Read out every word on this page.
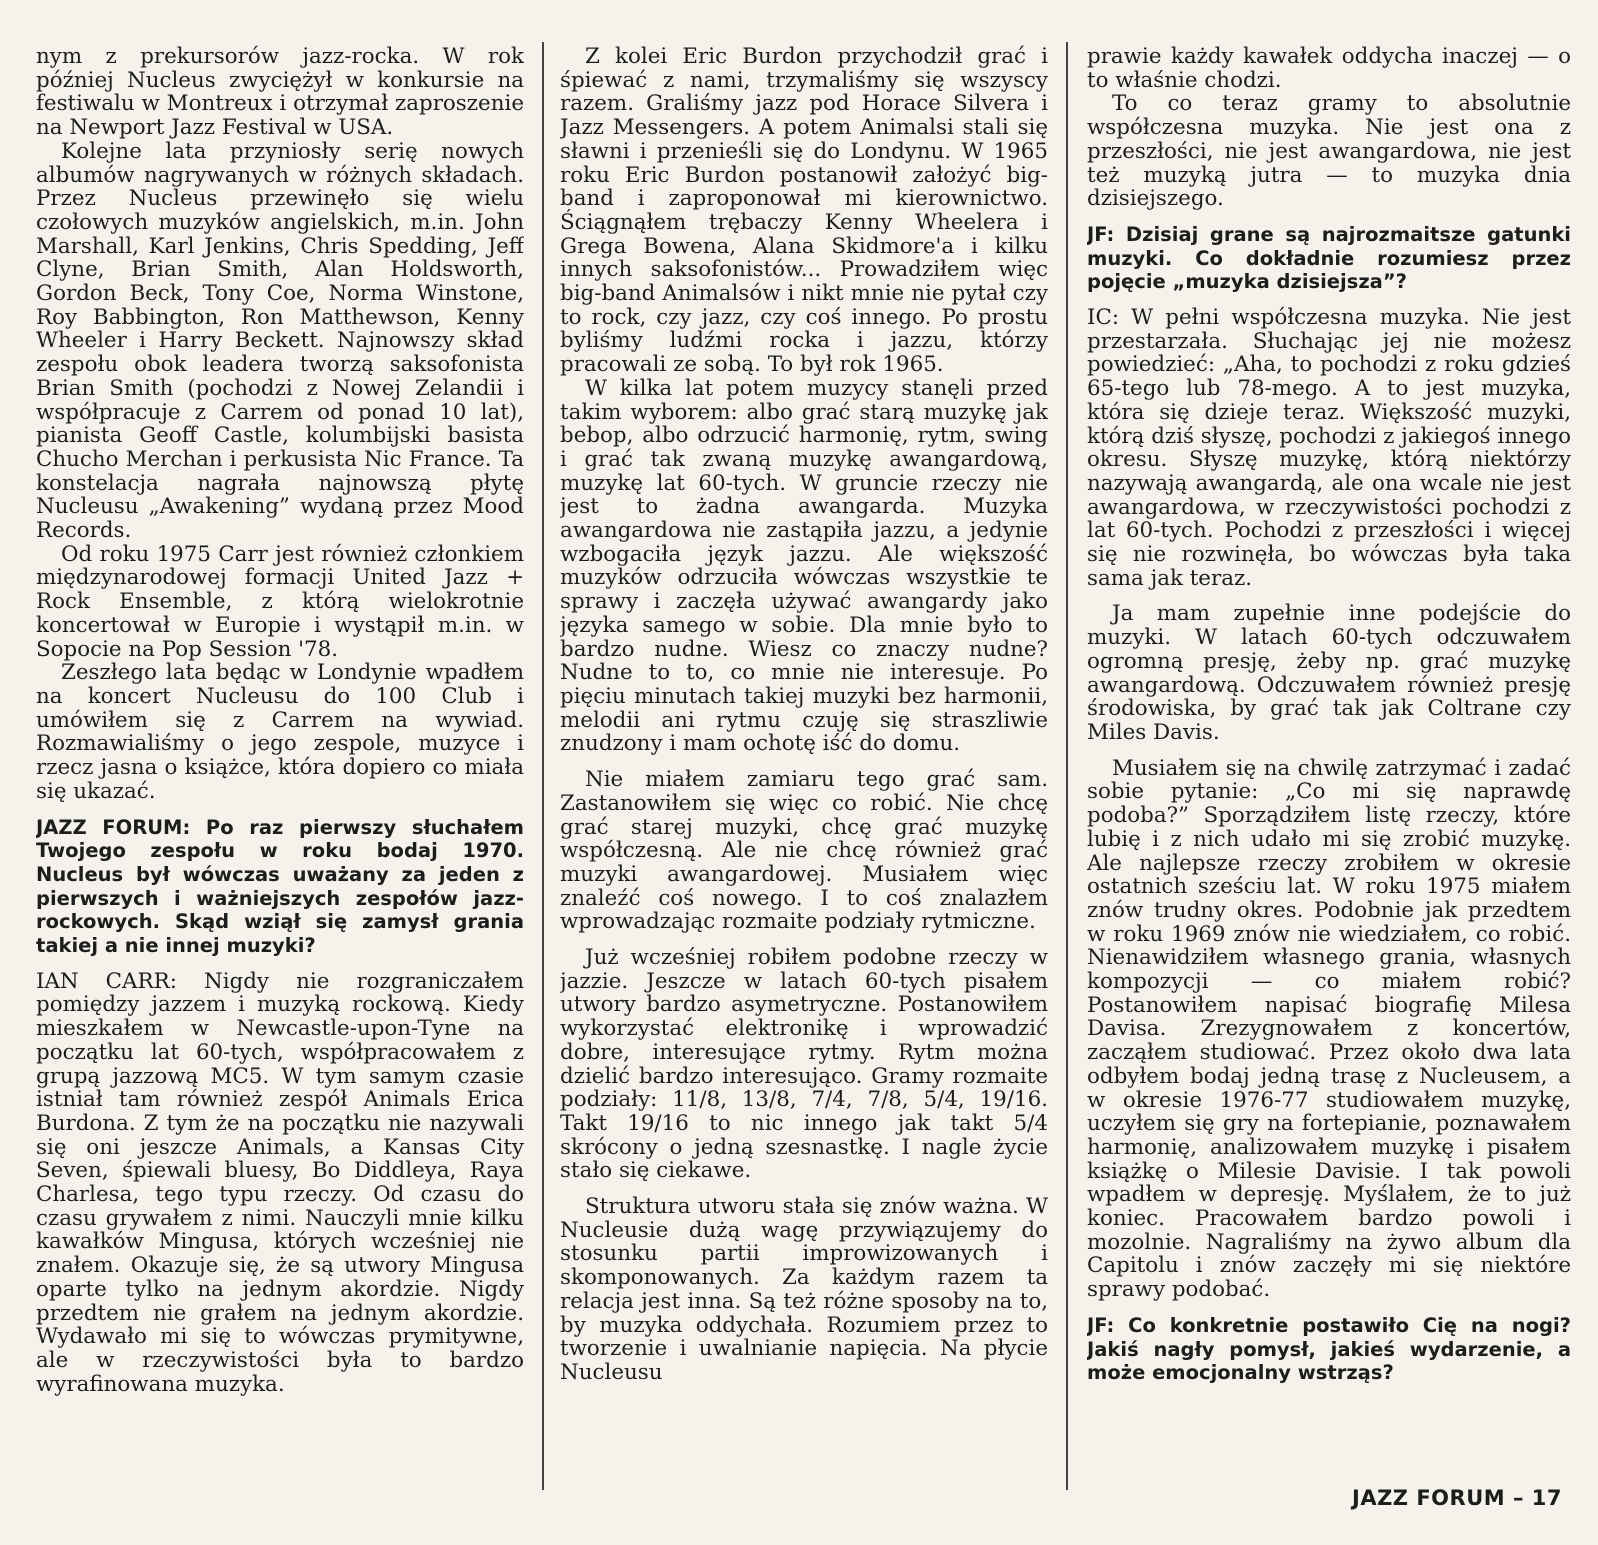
nym z prekursorów jazz-rocka. W rok później Nucleus zwyciężył w konkursie na festiwalu w Montreux i otrzymał zaproszenie na Newport Jazz Festival w USA.

Kolejne lata przyniosły serię nowych albumów nagrywanych w różnych składach. Przez Nucleus przewinęło się wielu czołowych muzyków angielskich, m.in. John Marshall, Karl Jenkins, Chris Spedding, Jeff Clyne, Brian Smith, Alan Holdsworth, Gordon Beck, Tony Coe, Norma Winstone, Roy Babbington, Ron Matthewson, Kenny Wheeler i Harry Beckett. Najnowszy skład zespołu obok leadera tworzą saksofonista Brian Smith (pochodzi z Nowej Zelandii i współpracuje z Carrem od ponad 10 lat), pianista Geoff Castle, kolumbijski basista Chucho Merchan i perkusista Nic France. Ta konstelacja nagrała najnowszą płytę Nucleusu „Awakening” wydaną przez Mood Records.

Od roku 1975 Carr jest również członkiem międzynarodowej formacji United Jazz + Rock Ensemble, z którą wielokrotnie koncertował w Europie i wystąpił m.in. w Sopocie na Pop Session '78.

Zeszłego lata będąc w Londynie wpadłem na koncert Nucleusu do 100 Club i umówiłem się z Carrem na wywiad. Rozmawialiśmy o jego zespole, muzyce i rzecz jasna o książce, która dopiero co miała się ukazać.

JAZZ FORUM: Po raz pierwszy słuchałem Twojego zespołu w roku bodaj 1970. Nucleus był wówczas uważany za jeden z pierwszych i ważniejszych zespołów jazz-rockowych. Skąd wziął się zamysł grania takiej a nie innej muzyki?

IAN CARR: Nigdy nie rozgraniczałem pomiędzy jazzem i muzyką rockową. Kiedy mieszkałem w Newcastle-upon-Tyne na początku lat 60-tych, współpracowałem z grupą jazzową MC5. W tym samym czasie istniał tam również zespół Animals Erica Burdona. Z tym że na początku nie nazywali się oni jeszcze Animals, a Kansas City Seven, śpiewali bluesy, Bo Diddleya, Raya Charlesa, tego typu rzeczy. Od czasu do czasu grywałem z nimi. Nauczyli mnie kilku kawałków Mingusa, których wcześniej nie znałem. Okazuje się, że są utwory Mingusa oparte tylko na jednym akordzie. Nigdy przedtem nie grałem na jednym akordzie. Wydawało mi się to wówczas prymitywne, ale w rzeczywistości była to bardzo wyrafinowana muzyka.

Z kolei Eric Burdon przychodził grać i śpiewać z nami, trzymaliśmy się wszyscy razem. Graliśmy jazz pod Horace Silvera i Jazz Messengers. A potem Animalsi stali się sławni i przenieśli się do Londynu. W 1965 roku Eric Burdon postanowił założyć big-band i zaproponował mi kierownictwo. Ściągnąłem trębaczy Kenny Wheelera i Grega Bowena, Alana Skidmore'a i kilku innych saksofonistów... Prowadziłem więc big-band Animalsów i nikt mnie nie pytał czy to rock, czy jazz, czy coś innego. Po prostu byliśmy ludźmi rocka i jazzu, którzy pracowali ze sobą. To był rok 1965.

W kilka lat potem muzycy stanęli przed takim wyborem: albo grać starą muzykę jak bebop, albo odrzucić harmonię, rytm, swing i grać tak zwaną muzykę awangardową, muzykę lat 60-tych. W gruncie rzeczy nie jest to żadna awangarda. Muzyka awangardowa nie zastąpiła jazzu, a jedynie wzbogaciła język jazzu. Ale większość muzyków odrzuciła wówczas wszystkie te sprawy i zaczęła używać awangardy jako języka samego w sobie. Dla mnie było to bardzo nudne. Wiesz co znaczy nudne? Nudne to to, co mnie nie interesuje. Po pięciu minutach takiej muzyki bez harmonii, melodii ani rytmu czuję się straszliwie znudzony i mam ochotę iść do domu.

Nie miałem zamiaru tego grać sam. Zastanowiłem się więc co robić. Nie chcę grać starej muzyki, chcę grać muzykę współczesną. Ale nie chcę również grać muzyki awangardowej. Musiałem więc znaleźć coś nowego. I to coś znalazłem wprowadzając rozmaite podziały rytmiczne.

Już wcześniej robiłem podobne rzeczy w jazzie. Jeszcze w latach 60-tych pisałem utwory bardzo asymetryczne. Postanowiłem wykorzystać elektronikę i wprowadzić dobre, interesujące rytmy. Rytm można dzielić bardzo interesująco. Gramy rozmaite podziały: 11/8, 13/8, 7/4, 7/8, 5/4, 19/16. Takt 19/16 to nic innego jak takt 5/4 skrócony o jedną szesnastkę. I nagle życie stało się ciekawe.

Struktura utworu stała się znów ważna. W Nucleusie dużą wagę przywiązujemy do stosunku partii improwizowanych i skomponowanych. Za każdym razem ta relacja jest inna. Są też różne sposoby na to, by muzyka oddychała. Rozumiem przez to tworzenie i uwalnianie napięcia. Na płycie Nucleusu

prawie każdy kawałek oddycha inaczej — o to właśnie chodzi.

To co teraz gramy to absolutnie współczesna muzyka. Nie jest ona z przeszłości, nie jest awangardowa, nie jest też muzyką jutra — to muzyka dnia dzisiejszego.

JF: Dzisiaj grane są najrozmaitsze gatunki muzyki. Co dokładnie rozumiesz przez pojęcie „muzyka dzisiejsza”?

IC: W pełni współczesna muzyka. Nie jest przestarzała. Słuchając jej nie możesz powiedzieć: „Aha, to pochodzi z roku gdzieś 65-tego lub 78-mego. A to jest muzyka, która się dzieje teraz. Większość muzyki, którą dziś słyszę, pochodzi z jakiegoś innego okresu. Słyszę muzykę, którą niektórzy nazywają awangardą, ale ona wcale nie jest awangardowa, w rzeczywistości pochodzi z lat 60-tych. Pochodzi z przeszłości i więcej się nie rozwinęła, bo wówczas była taka sama jak teraz.

Ja mam zupełnie inne podejście do muzyki. W latach 60-tych odczuwałem ogromną presję, żeby np. grać muzykę awangardową. Odczuwałem również presję środowiska, by grać tak jak Coltrane czy Miles Davis.

Musiałem się na chwilę zatrzymać i zadać sobie pytanie: „Co mi się naprawdę podoba?” Sporządziłem listę rzeczy, które lubię i z nich udało mi się zrobić muzykę. Ale najlepsze rzeczy zrobiłem w okresie ostatnich sześciu lat. W roku 1975 miałem znów trudny okres. Podobnie jak przedtem w roku 1969 znów nie wiedziałem, co robić. Nienawidziłem własnego grania, własnych kompozycji — co miałem robić? Postanowiłem napisać biografię Milesa Davisa. Zrezygnowałem z koncertów, zacząłem studiować. Przez około dwa lata odbyłem bodaj jedną trasę z Nucleusem, a w okresie 1976-77 studiowałem muzykę, uczyłem się gry na fortepianie, poznawałem harmonię, analizowałem muzykę i pisałem książkę o Milesie Davisie. I tak powoli wpadłem w depresję. Myślałem, że to już koniec. Pracowałem bardzo powoli i mozolnie. Nagraliśmy na żywo album dla Capitolu i znów zaczęły mi się niektóre sprawy podobać.

JF: Co konkretnie postawiło Cię na nogi? Jakiś nagły pomysł, jakieś wydarzenie, a może emocjonalny wstrząs?

JAZZ FORUM – 17
